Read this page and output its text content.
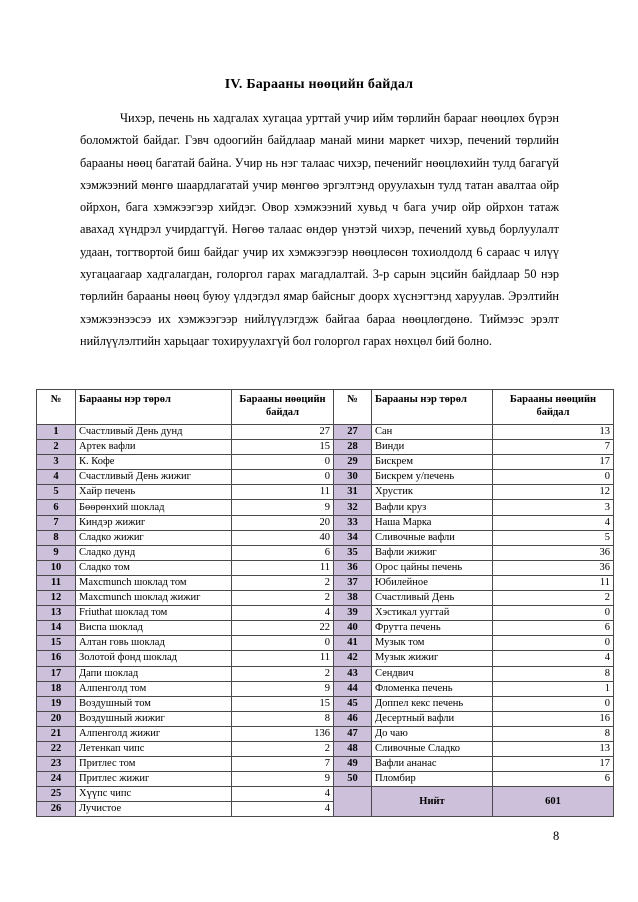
IV. Барааны нөөцийн байдал

Чихэр, печень нь хадгалах хугацаа урттай учир ийм төрлийн барааг нөөцлөх бүрэн боломжтой байдаг. Гэвч одоогийн байдлаар манай мини маркет чихэр, печений төрлийн барааны нөөц багатай байна. Учир нь нэг талаас чихэр, печенийг нөөцлөхийн тулд багагүй хэмжээний мөнгө шаардлагатай учир мөнгөө эргэлтэнд оруулахын тулд татан авалтаа ойр ойрхон, бага хэмжээгээр хийдэг. Овор хэмжээний хувьд ч бага учир ойр ойрхон татаж авахад хүндрэл учирдаггүй. Нөгөө талаас өндөр үнэтэй чихэр, печений хувьд борлуулалт удаан, тогтвортой биш байдаг учир их хэмжээгээр нөөцлөсөн тохиолдолд 6 сараас ч илүү хугацаагаар хадгалагдан, голоргол гарах магадлалтай. 3-р сарын эцсийн байдлаар 50 нэр төрлийн барааны нөөц буюу үлдэгдэл ямар байсныг доорх хүснэгтэнд харуулав. Эрэлтийн хэмжээнээсээ их хэмжээгээр нийлүүлэгдэж байгаа бараа нөөцлөгдөнө. Тиймээс эрэлт нийлүүлэлтийн харьцааг тохируулахгүй бол голоргол гарах нөхцөл бий болно.

№	Барааны нэр төрөл	Барааны нөөцийн байдал	№	Барааны нэр төрөл	Барааны нөөцийн байдал
1	Счастливый День дунд	27	27	Сан	13
2	Артек вафли	15	28	Винди	7
3	К. Кофе	0	29	Бискрем	17
4	Счастливый День жижиг	0	30	Бискрем у/печень	0
5	Хайр печень	11	31	Хрустик	12
6	Бөөрөнхий шоклад	9	32	Вафли круз	3
7	Киндэр жижиг	20	33	Наша Марка	4
8	Сладко жижиг	40	34	Сливочные вафли	5
9	Сладко дунд	6	35	Вафли жижиг	36
10	Сладко том	11	36	Орос цайны печень	36
11	Maxcmunch шоклад том	2	37	Юбилейное	11
12	Maxcmunch шоклад жижиг	2	38	Счастливый День	2
13	Friuthat шоклад том	4	39	Хэстикал уугтай	0
14	Виспа шоклад	22	40	Фрутта печень	6
15	Алтан говь шоклад	0	41	Музык том	0
16	Золотой фонд шоклад	11	42	Музык жижиг	4
17	Дапи шоклад	2	43	Сендвич	8
18	Алпенголд том	9	44	Фломенка печень	1
19	Воздушный том	15	45	Доппел кекс печень	0
20	Воздушный жижиг	8	46	Десертный вафли	16
21	Алпенголд жижиг	136	47	До чаю	8
22	Летенкап чипс	2	48	Сливочные Сладко	13
23	Притлес том	7	49	Вафли ананас	17
24	Притлес жижиг	9	50	Пломбир	6
25	Хүүпс чипс	4		Нийт	601
26	Лучистое	4			
8
